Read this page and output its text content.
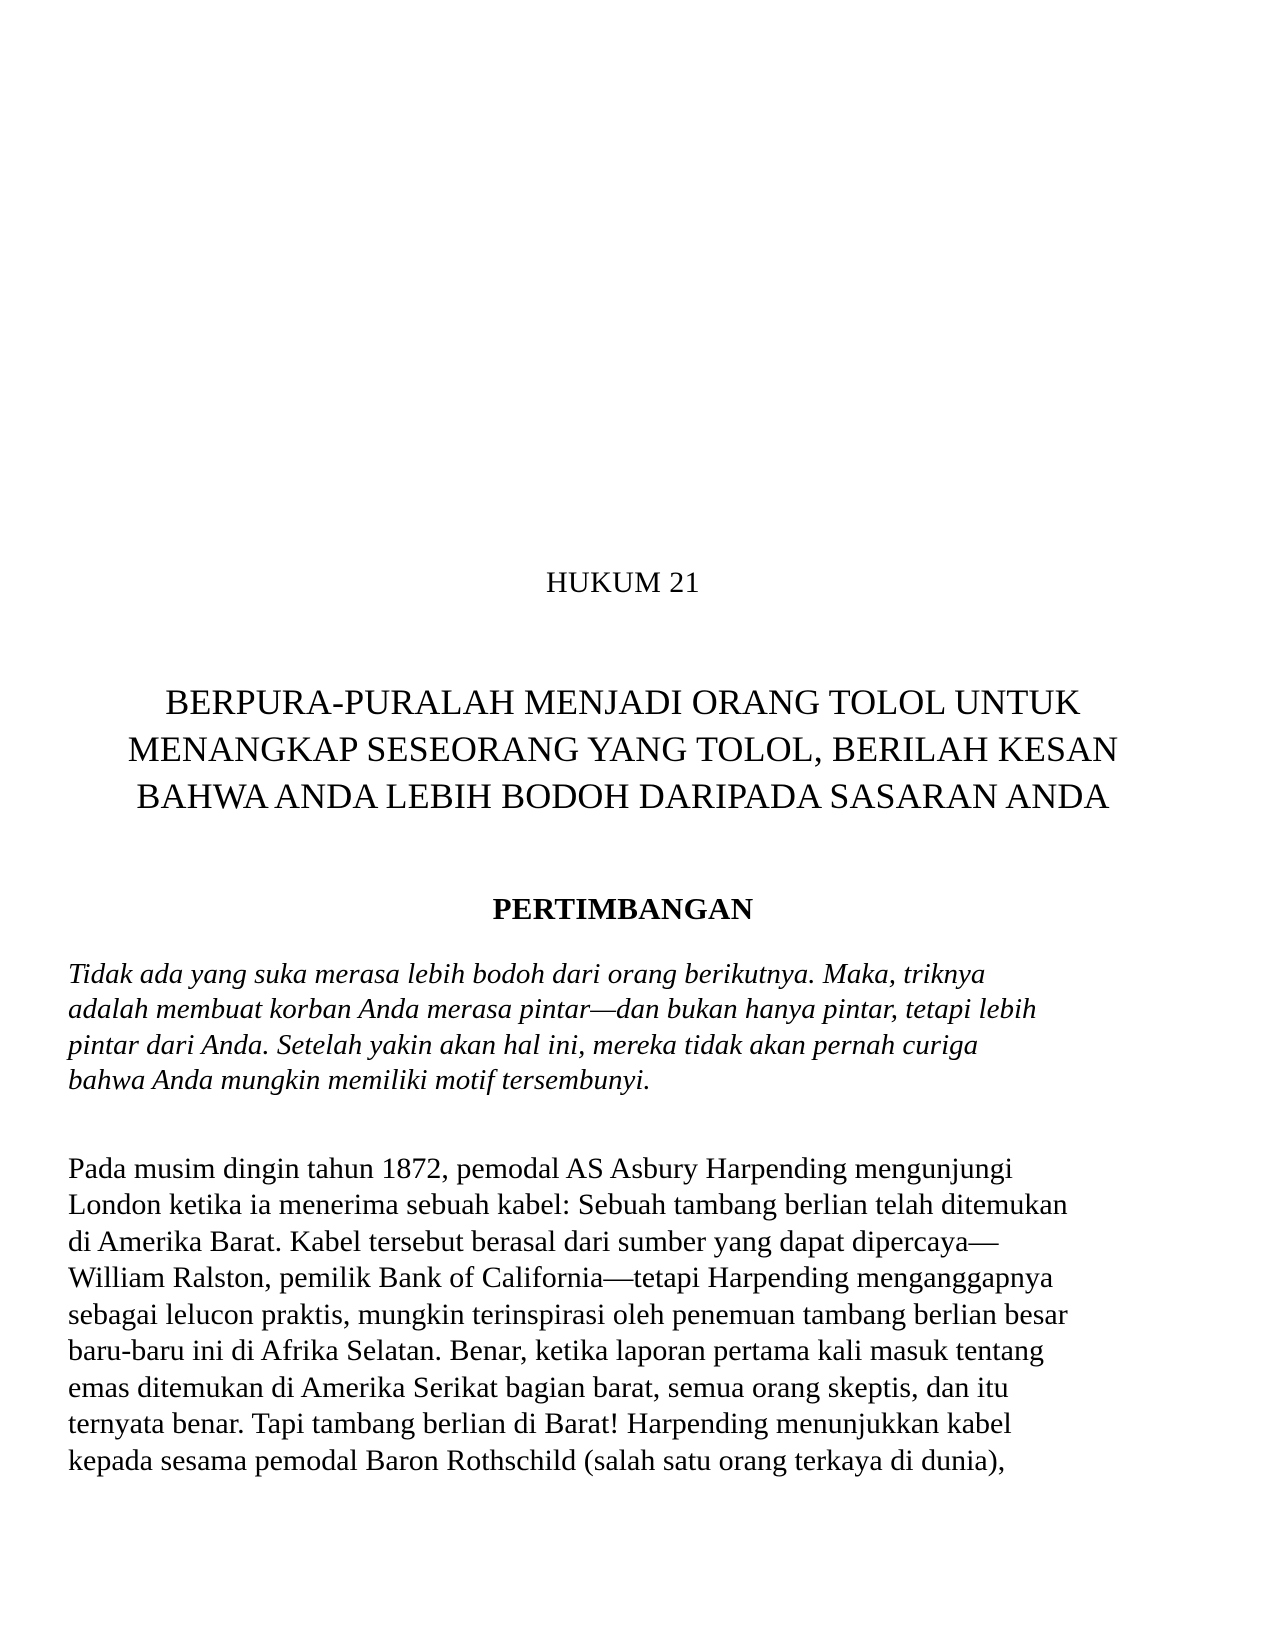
HUKUM 21
BERPURA-PURALAH MENJADI ORANG TOLOL UNTUK
MENANGKAP SESEORANG YANG TOLOL, BERILAH KESAN
BAHWA ANDA LEBIH BODOH DARIPADA SASARAN ANDA
PERTIMBANGAN
Tidak ada yang suka merasa lebih bodoh dari orang berikutnya. Maka, triknya
adalah membuat korban Anda merasa pintar—dan bukan hanya pintar, tetapi lebih
pintar dari Anda. Setelah yakin akan hal ini, mereka tidak akan pernah curiga
bahwa Anda mungkin memiliki motif tersembunyi.
Pada musim dingin tahun 1872, pemodal AS Asbury Harpending mengunjungi
London ketika ia menerima sebuah kabel: Sebuah tambang berlian telah ditemukan
di Amerika Barat. Kabel tersebut berasal dari sumber yang dapat dipercaya—
William Ralston, pemilik Bank of California—tetapi Harpending menganggapnya
sebagai lelucon praktis, mungkin terinspirasi oleh penemuan tambang berlian besar
baru-baru ini di Afrika Selatan. Benar, ketika laporan pertama kali masuk tentang
emas ditemukan di Amerika Serikat bagian barat, semua orang skeptis, dan itu
ternyata benar. Tapi tambang berlian di Barat! Harpending menunjukkan kabel
kepada sesama pemodal Baron Rothschild (salah satu orang terkaya di dunia),
